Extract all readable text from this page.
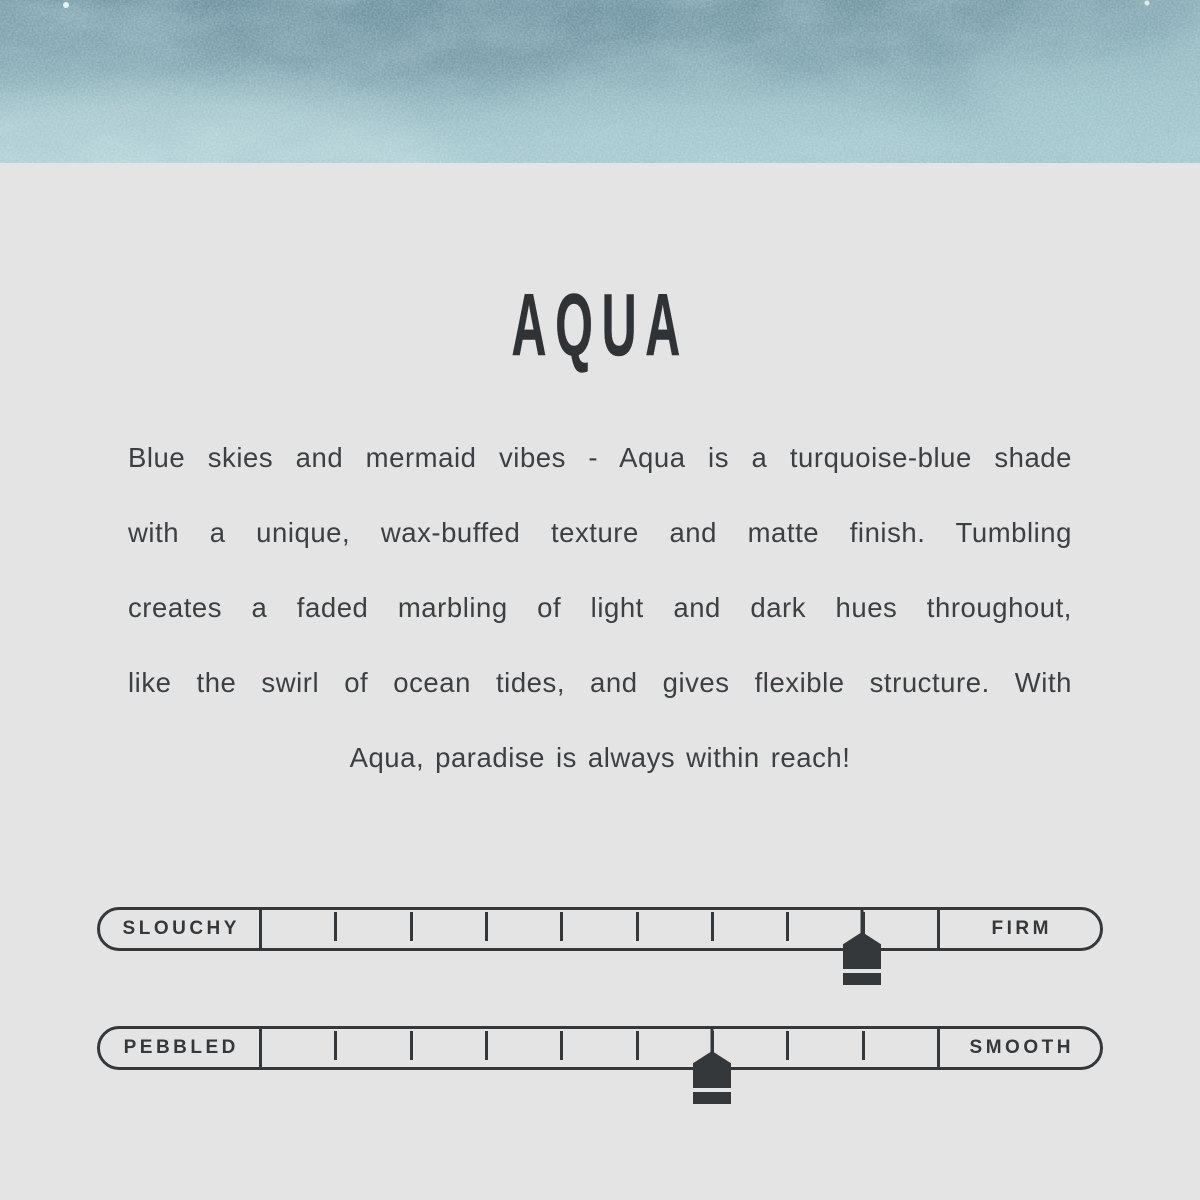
AQUA

Blue skies and mermaid vibes - Aqua is a turquoise-blue shade

with a unique, wax-buffed texture and matte finish. Tumbling

creates a faded marbling of light and dark hues throughout,

like the swirl of ocean tides, and gives flexible structure. With

Aqua, paradise is always within reach!

SLOUCHY	FIRM
PEBBLED	SMOOTH
